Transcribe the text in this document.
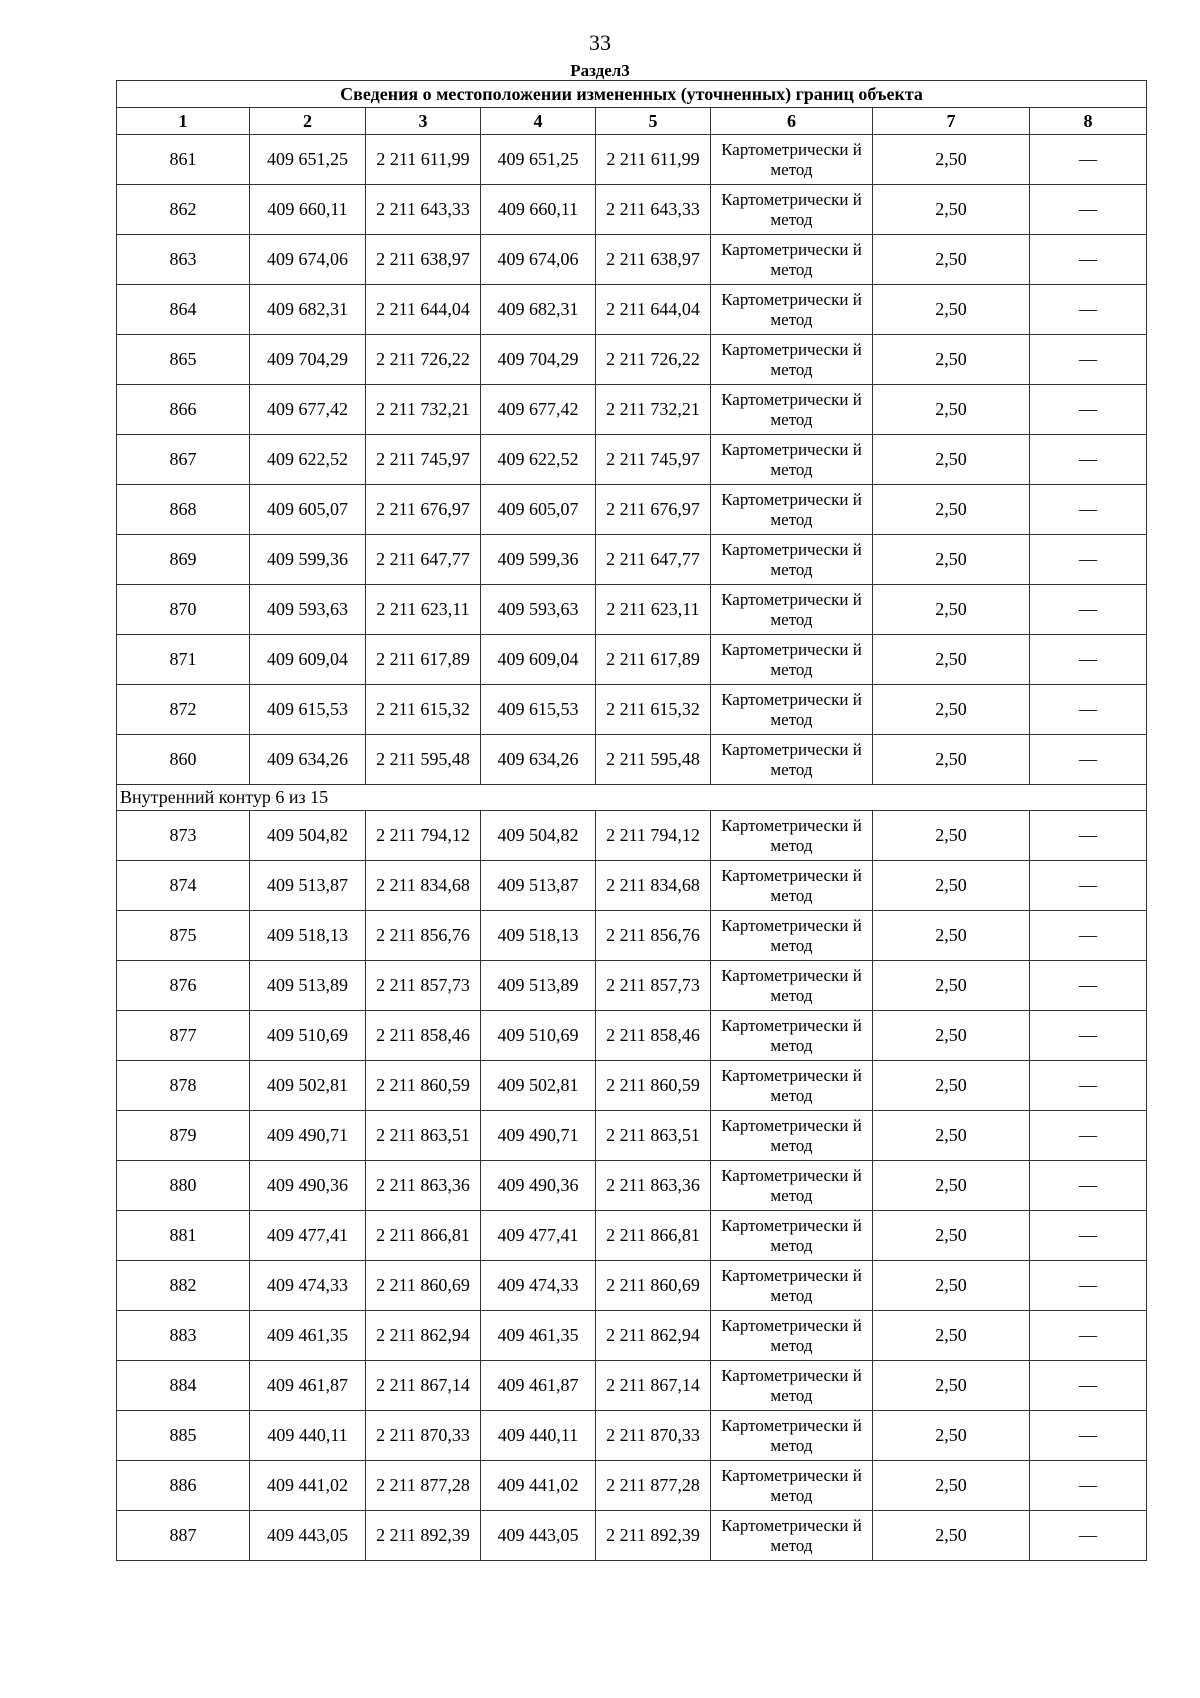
33
Раздел3
Сведения о местоположении измененных (уточненных) границ объекта							
1	2	3	4	5	6	7	8
861	409 651,25	2 211 611,99	409 651,25	2 211 611,99	Картометрически й метод	2,50	—
862	409 660,11	2 211 643,33	409 660,11	2 211 643,33	Картометрически й метод	2,50	—
863	409 674,06	2 211 638,97	409 674,06	2 211 638,97	Картометрически й метод	2,50	—
864	409 682,31	2 211 644,04	409 682,31	2 211 644,04	Картометрически й метод	2,50	—
865	409 704,29	2 211 726,22	409 704,29	2 211 726,22	Картометрически й метод	2,50	—
866	409 677,42	2 211 732,21	409 677,42	2 211 732,21	Картометрически й метод	2,50	—
867	409 622,52	2 211 745,97	409 622,52	2 211 745,97	Картометрически й метод	2,50	—
868	409 605,07	2 211 676,97	409 605,07	2 211 676,97	Картометрически й метод	2,50	—
869	409 599,36	2 211 647,77	409 599,36	2 211 647,77	Картометрически й метод	2,50	—
870	409 593,63	2 211 623,11	409 593,63	2 211 623,11	Картометрически й метод	2,50	—
871	409 609,04	2 211 617,89	409 609,04	2 211 617,89	Картометрически й метод	2,50	—
872	409 615,53	2 211 615,32	409 615,53	2 211 615,32	Картометрически й метод	2,50	—
860	409 634,26	2 211 595,48	409 634,26	2 211 595,48	Картометрически й метод	2,50	—
Внутренний контур 6 из 15							
873	409 504,82	2 211 794,12	409 504,82	2 211 794,12	Картометрически й метод	2,50	—
874	409 513,87	2 211 834,68	409 513,87	2 211 834,68	Картометрически й метод	2,50	—
875	409 518,13	2 211 856,76	409 518,13	2 211 856,76	Картометрически й метод	2,50	—
876	409 513,89	2 211 857,73	409 513,89	2 211 857,73	Картометрически й метод	2,50	—
877	409 510,69	2 211 858,46	409 510,69	2 211 858,46	Картометрически й метод	2,50	—
878	409 502,81	2 211 860,59	409 502,81	2 211 860,59	Картометрически й метод	2,50	—
879	409 490,71	2 211 863,51	409 490,71	2 211 863,51	Картометрически й метод	2,50	—
880	409 490,36	2 211 863,36	409 490,36	2 211 863,36	Картометрически й метод	2,50	—
881	409 477,41	2 211 866,81	409 477,41	2 211 866,81	Картометрически й метод	2,50	—
882	409 474,33	2 211 860,69	409 474,33	2 211 860,69	Картометрически й метод	2,50	—
883	409 461,35	2 211 862,94	409 461,35	2 211 862,94	Картометрически й метод	2,50	—
884	409 461,87	2 211 867,14	409 461,87	2 211 867,14	Картометрически й метод	2,50	—
885	409 440,11	2 211 870,33	409 440,11	2 211 870,33	Картометрически й метод	2,50	—
886	409 441,02	2 211 877,28	409 441,02	2 211 877,28	Картометрически й метод	2,50	—
887	409 443,05	2 211 892,39	409 443,05	2 211 892,39	Картометрически й метод	2,50	—
